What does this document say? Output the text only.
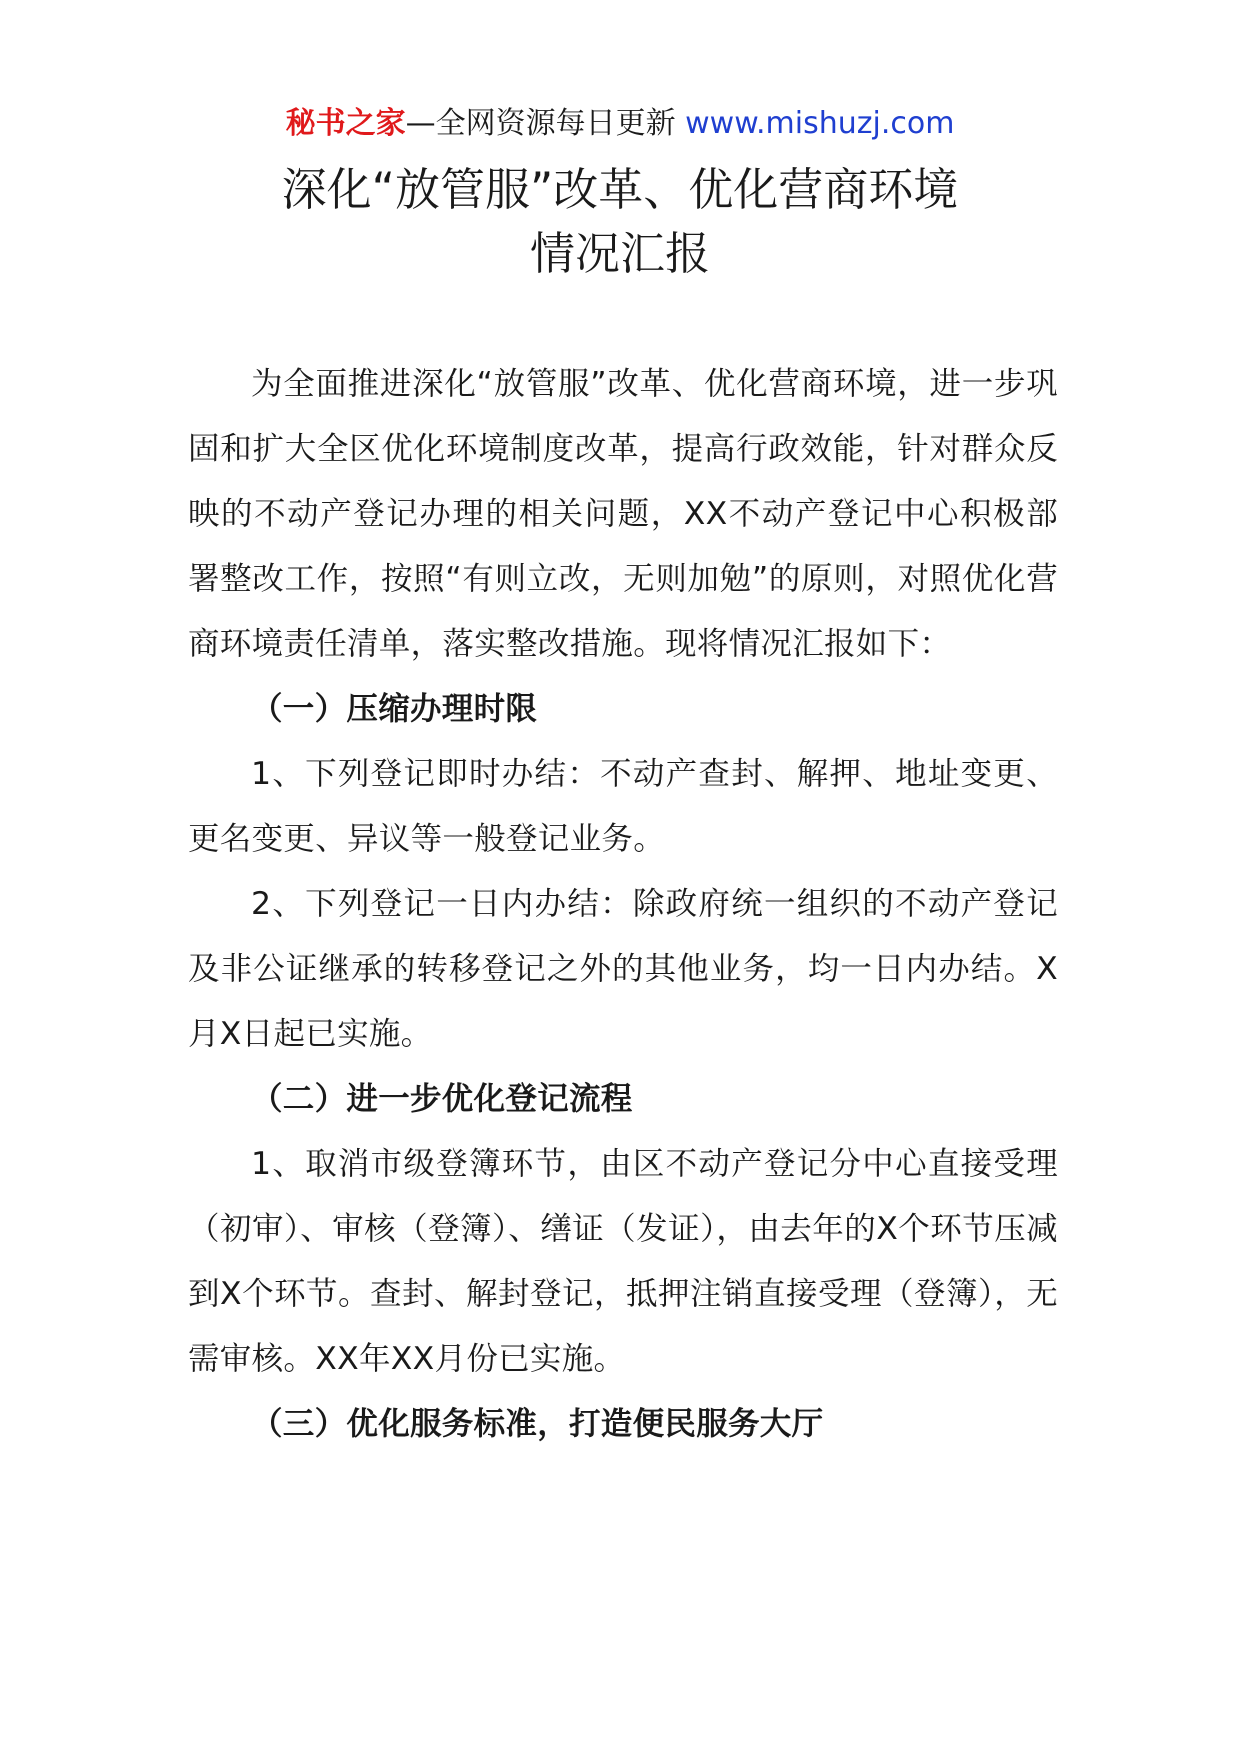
秘书之家—全网资源每日更新 www.mishuzj.com
深化“放管服”改革、优化营商环境
情况汇报

为全面推进深化“放管服”改革、优化营商环境，进一步巩固和扩大全区优化环境制度改革，提高行政效能，针对群众反映的不动产登记办理的相关问题，XX不动产登记中心积极部署整改工作，按照“有则立改，无则加勉”的原则，对照优化营商环境责任清单，落实整改措施。现将情况汇报如下：

（一）压缩办理时限

1、下列登记即时办结：不动产查封、解押、地址变更、更名变更、异议等一般登记业务。

2、下列登记一日内办结：除政府统一组织的不动产登记及非公证继承的转移登记之外的其他业务，均一日内办结。X月X日起已实施。

（二）进一步优化登记流程

1、取消市级登簿环节，由区不动产登记分中心直接受理（初审）、审核（登簿）、缮证（发证），由去年的X个环节压减到X个环节。查封、解封登记，抵押注销直接受理（登簿），无需审核。XX年XX月份已实施。

（三）优化服务标准，打造便民服务大厅
